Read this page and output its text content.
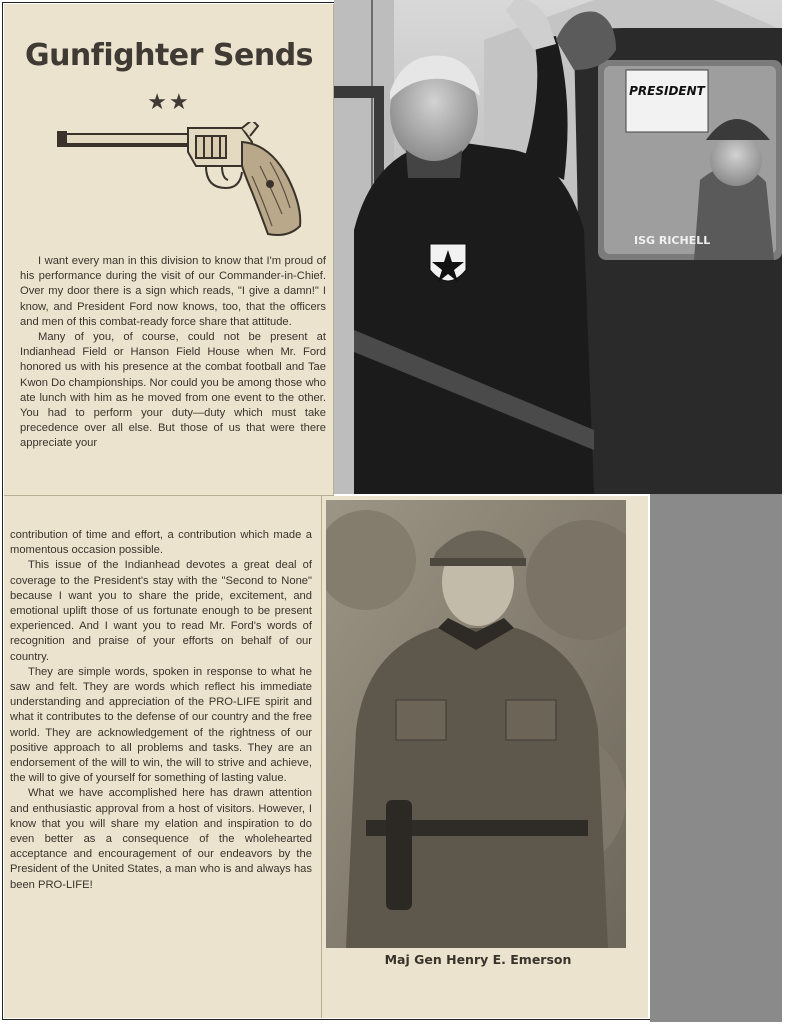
Gunfighter Sends
★★

I want every man in this division to know that I'm proud of his performance during the visit of our Commander-in-Chief. Over my door there is a sign which reads, "I give a damn!" I know, and President Ford now knows, too, that the officers and men of this combat-ready force share that attitude.

Many of you, of course, could not be present at Indianhead Field or Hanson Field House when Mr. Ford honored us with his presence at the combat football and Tae Kwon Do championships. Nor could you be among those who ate lunch with him as he moved from one event to the other. You had to perform your duty—duty which must take precedence over all else. But those of us that were there appreciate your

PRESIDENT
ISG RICHELL

contribution of time and effort, a contribution which made a momentous occasion possible.

This issue of the Indianhead devotes a great deal of coverage to the President's stay with the "Second to None" because I want you to share the pride, excitement, and emotional uplift those of us fortunate enough to be present experienced. And I want you to read Mr. Ford's words of recognition and praise of your efforts on behalf of our country.

They are simple words, spoken in response to what he saw and felt. They are words which reflect his immediate understanding and appreciation of the PRO-LIFE spirit and what it contributes to the defense of our country and the free world. They are acknowledgement of the rightness of our positive approach to all problems and tasks. They are an endorsement of the will to win, the will to strive and achieve, the will to give of yourself for something of lasting value.

What we have accomplished here has drawn attention and enthusiastic approval from a host of visitors. However, I know that you will share my elation and inspiration to do even better as a consequence of the wholehearted acceptance and encouragement of our endeavors by the President of the United States, a man who is and always has been PRO-LIFE!

Maj Gen Henry E. Emerson
